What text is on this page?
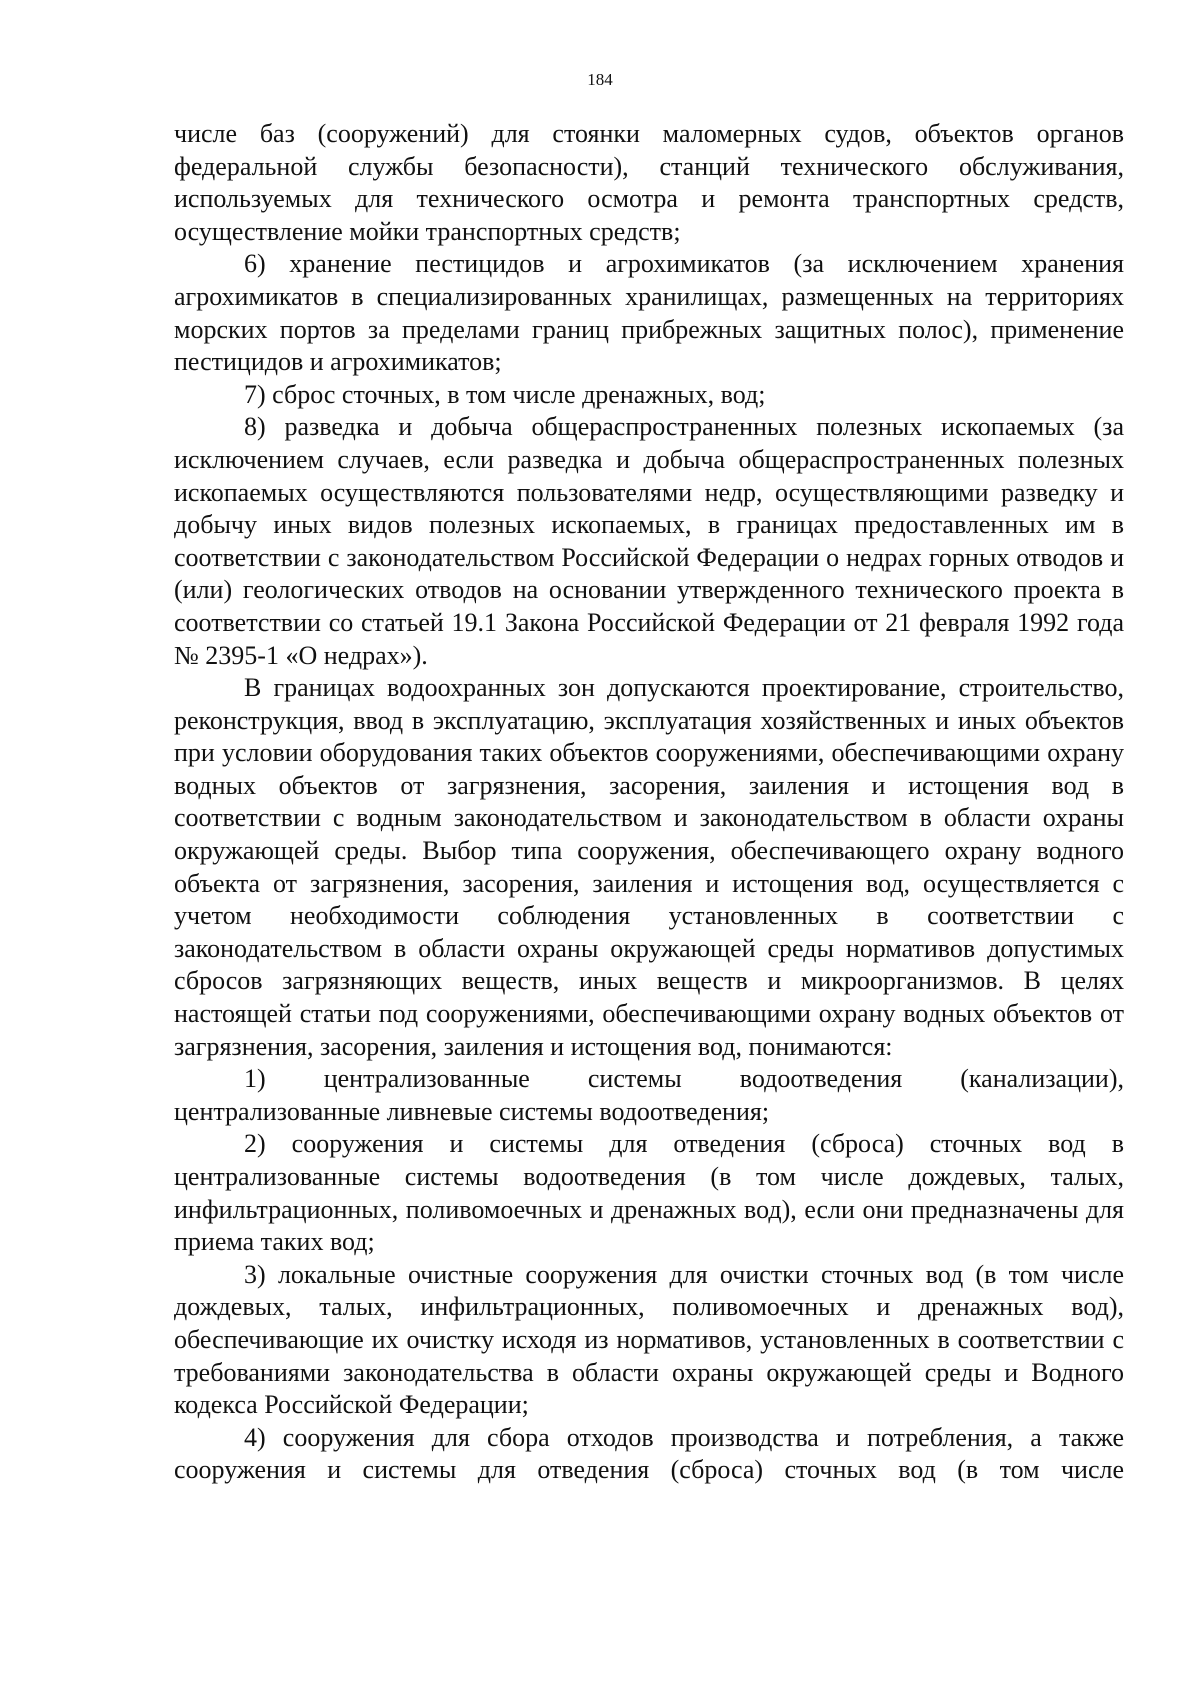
184

числе баз (сооружений) для стоянки маломерных судов, объектов органов федеральной службы безопасности), станций технического обслуживания, используемых для технического осмотра и ремонта транспортных средств, осуществление мойки транспортных средств;

6) хранение пестицидов и агрохимикатов (за исключением хранения агрохимикатов в специализированных хранилищах, размещенных на территориях морских портов за пределами границ прибрежных защитных полос), применение пестицидов и агрохимикатов;

7) сброс сточных, в том числе дренажных, вод;

8) разведка и добыча общераспространенных полезных ископаемых (за исключением случаев, если разведка и добыча общераспространенных полезных ископаемых осуществляются пользователями недр, осуществляющими разведку и добычу иных видов полезных ископаемых, в границах предоставленных им в соответствии с законодательством Российской Федерации о недрах горных отводов и (или) геологических отводов на основании утвержденного технического проекта в соответствии со статьей 19.1 Закона Российской Федерации от 21 февраля 1992 года № 2395-1 «О недрах»).

В границах водоохранных зон допускаются проектирование, строительство, реконструкция, ввод в эксплуатацию, эксплуатация хозяйственных и иных объектов при условии оборудования таких объектов сооружениями, обеспечивающими охрану водных объектов от загрязнения, засорения, заиления и истощения вод в соответствии с водным законодательством и законодательством в области охраны окружающей среды. Выбор типа сооружения, обеспечивающего охрану водного объекта от загрязнения, засорения, заиления и истощения вод, осуществляется с учетом необходимости соблюдения установленных в соответствии с законодательством в области охраны окружающей среды нормативов допустимых сбросов загрязняющих веществ, иных веществ и микроорганизмов. В целях настоящей статьи под сооружениями, обеспечивающими охрану водных объектов от загрязнения, засорения, заиления и истощения вод, понимаются:

1) централизованные системы водоотведения (канализации), централизованные ливневые системы водоотведения;

2) сооружения и системы для отведения (сброса) сточных вод в централизованные системы водоотведения (в том числе дождевых, талых, инфильтрационных, поливомоечных и дренажных вод), если они предназначены для приема таких вод;

3) локальные очистные сооружения для очистки сточных вод (в том числе дождевых, талых, инфильтрационных, поливомоечных и дренажных вод), обеспечивающие их очистку исходя из нормативов, установленных в соответствии с требованиями законодательства в области охраны окружающей среды и Водного кодекса Российской Федерации;

4) сооружения для сбора отходов производства и потребления, а также сооружения и системы для отведения (сброса) сточных вод (в том числе
